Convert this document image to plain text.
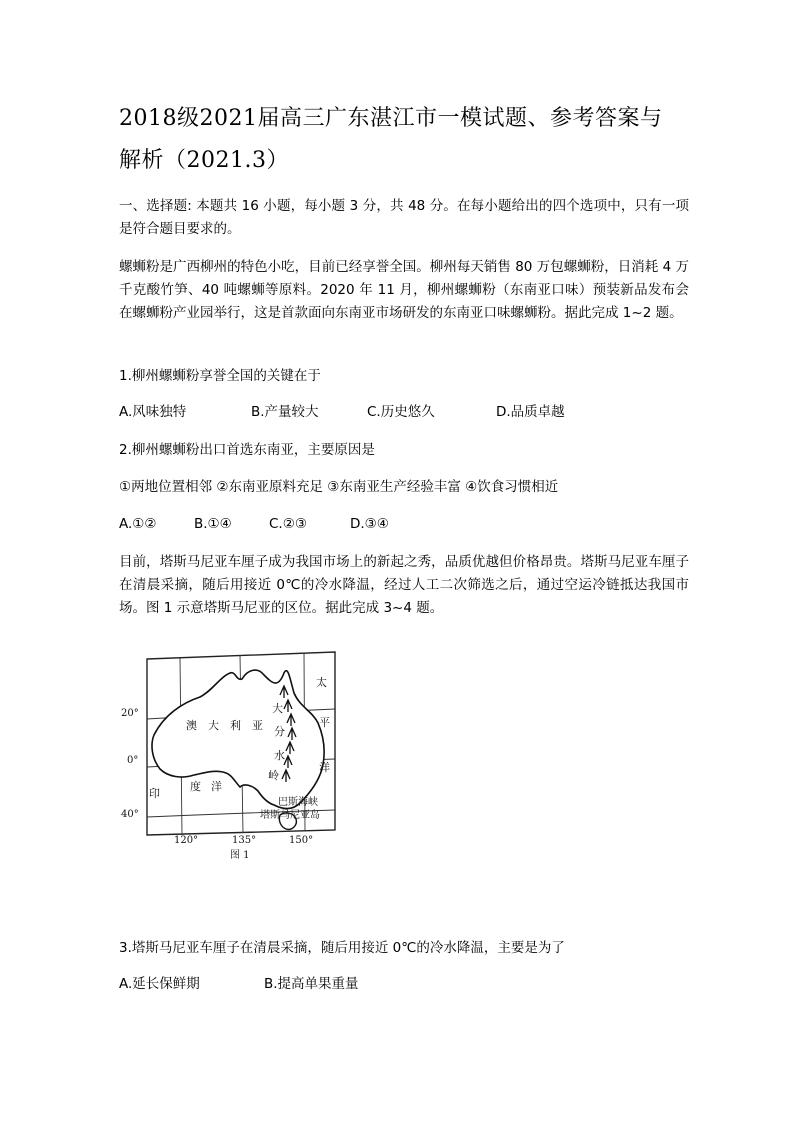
2018级2021届高三广东湛江市一模试题、参考答案与
解析（2021.3）
一、选择题: 本题共 16 小题，每小题 3 分，共 48 分。在每小题给出的四个选项中，只有一项是符合题目要求的。
螺蛳粉是广西柳州的特色小吃，目前已经享誉全国。柳州每天销售 80 万包螺蛳粉，日消耗 4 万千克酸竹笋、40 吨螺蛳等原料。2020 年 11 月，柳州螺蛳粉（东南亚口味）预装新品发布会在螺蛳粉产业园举行，这是首款面向东南亚市场研发的东南亚口味螺蛳粉。据此完成 1~2 题。
1.柳州螺蛳粉享誉全国的关键在于
A.风味独特	B.产量较大	C.历史悠久	D.品质卓越
2.柳州螺蛳粉出口首选东南亚，主要原因是
①两地位置相邻 ②东南亚原料充足 ③东南亚生产经验丰富 ④饮食习惯相近
A.①②	B.①④	C.②③	D.③④
目前，塔斯马尼亚车厘子成为我国市场上的新起之秀，品质优越但价格昂贵。塔斯马尼亚车厘子在清晨采摘，随后用接近 0℃的冷水降温，经过人工二次筛选之后，通过空运冷链抵达我国市场。图 1 示意塔斯马尼亚的区位。据此完成 3~4 题。
20°
0°
40°
120°	135°	150°
澳 大 利 亚
大
分
水
岭
太
平
洋
印
度 洋
巴斯海峡
塔斯马尼亚岛
图 1
3.塔斯马尼亚车厘子在清晨采摘，随后用接近 0℃的冷水降温，主要是为了
A.延长保鲜期	B.提高单果重量
